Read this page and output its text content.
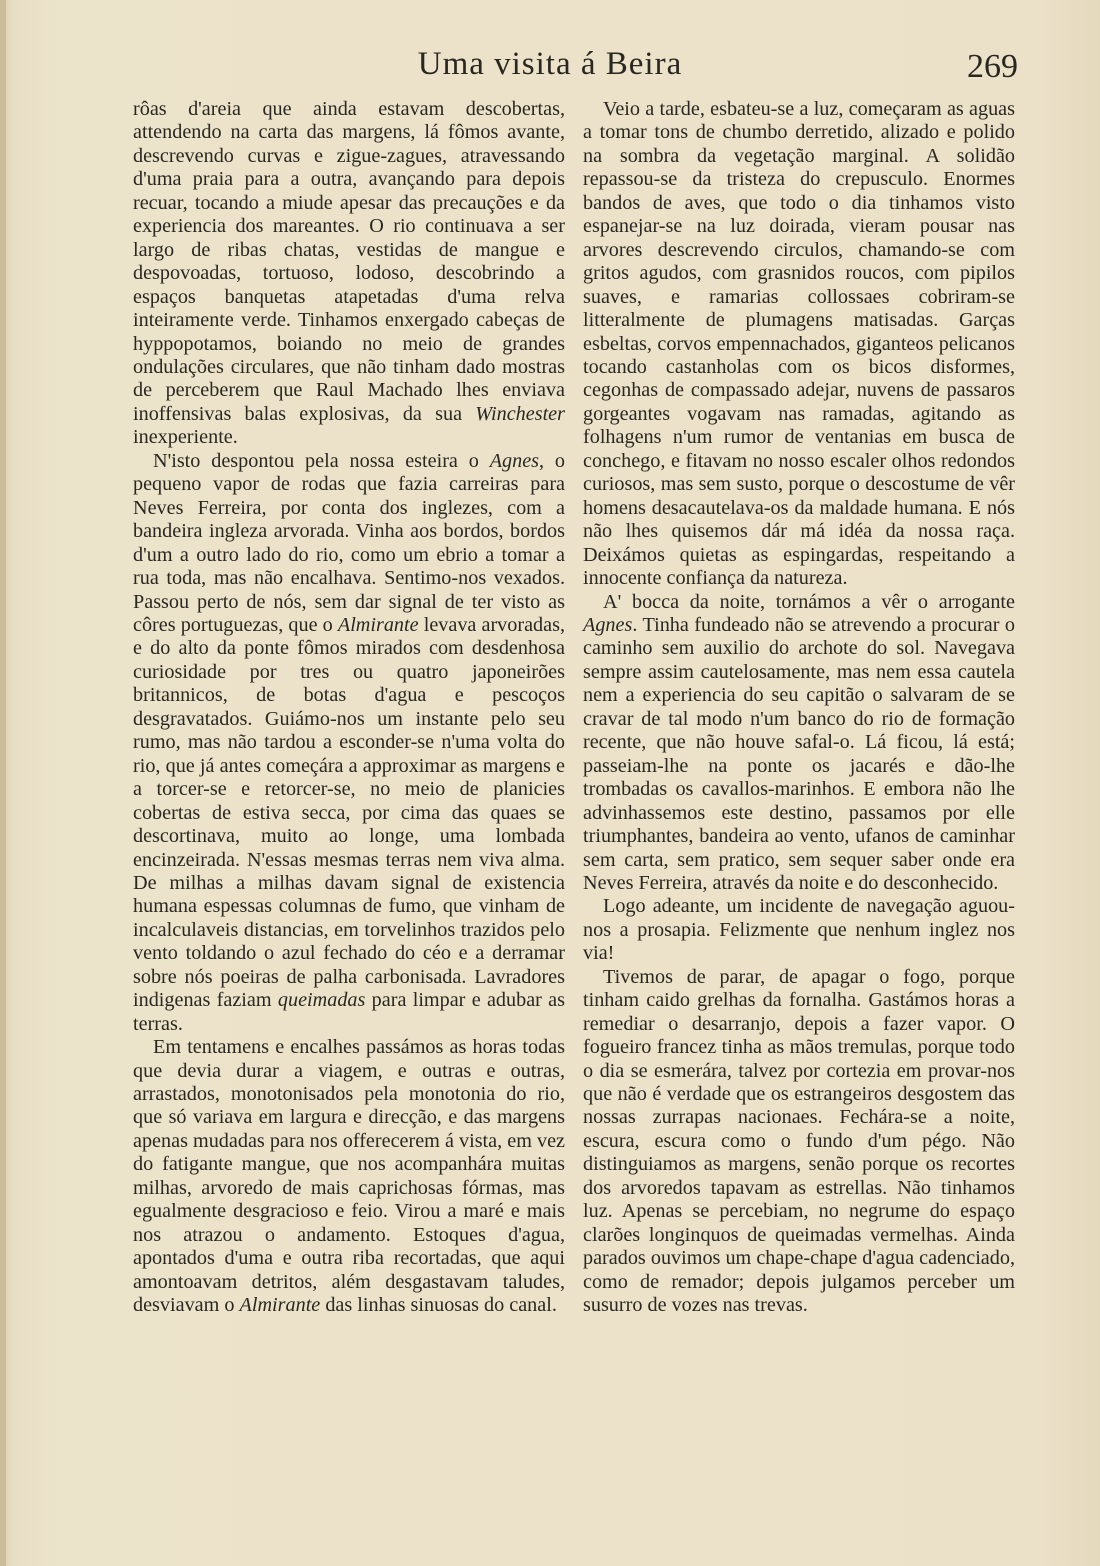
Uma visita á Beira	269

rôas d'areia que ainda estavam descobertas, attendendo na carta das margens, lá fômos avante, descrevendo curvas e zigue-zagues, atravessando d'uma praia para a outra, avançando para depois recuar, tocando a miude apesar das precauções e da experiencia dos mareantes. O rio continuava a ser largo de ribas chatas, vestidas de mangue e despovoadas, tortuoso, lodoso, descobrindo a espaços banquetas atapetadas d'uma relva inteiramente verde. Tinhamos enxergado cabeças de hyppopotamos, boiando no meio de grandes ondulações circulares, que não tinham dado mostras de perceberem que Raul Machado lhes enviava inoffensivas balas explosivas, da sua Winchester inexperiente.

N'isto despontou pela nossa esteira o Agnes, o pequeno vapor de rodas que fazia carreiras para Neves Ferreira, por conta dos inglezes, com a bandeira ingleza arvorada. Vinha aos bordos, bordos d'um a outro lado do rio, como um ebrio a tomar a rua toda, mas não encalhava. Sentimo-nos vexados. Passou perto de nós, sem dar signal de ter visto as côres portuguezas, que o Almirante levava arvoradas, e do alto da ponte fômos mirados com desdenhosa curiosidade por tres ou quatro japoneirões britannicos, de botas d'agua e pescoços desgravatados. Guiámo-nos um instante pelo seu rumo, mas não tardou a esconder-se n'uma volta do rio, que já antes começára a approximar as margens e a torcer-se e retorcer-se, no meio de planicies cobertas de estiva secca, por cima das quaes se descortinava, muito ao longe, uma lombada encinzeirada. N'essas mesmas terras nem viva alma. De milhas a milhas davam signal de existencia humana espessas columnas de fumo, que vinham de incalculaveis distancias, em torvelinhos trazidos pelo vento toldando o azul fechado do céo e a derramar sobre nós poeiras de palha carbonisada. Lavradores indigenas faziam queimadas para limpar e adubar as terras.

Em tentamens e encalhes passámos as horas todas que devia durar a viagem, e outras e outras, arrastados, monotonisados pela monotonia do rio, que só variava em largura e direcção, e das margens apenas mudadas para nos offerecerem á vista, em vez do fatigante mangue, que nos acompanhára muitas milhas, arvoredo de mais caprichosas fórmas, mas egualmente desgracioso e feio. Virou a maré e mais nos atrazou o andamento. Estoques d'agua, apontados d'uma e outra riba recortadas, que aqui amontoavam detritos, além desgastavam taludes, desviavam o Almirante das linhas sinuosas do canal.

Veio a tarde, esbateu-se a luz, começaram as aguas a tomar tons de chumbo derretido, alizado e polido na sombra da vegetação marginal. A solidão repassou-se da tristeza do crepusculo. Enormes bandos de aves, que todo o dia tinhamos visto espanejar-se na luz doirada, vieram pousar nas arvores descrevendo circulos, chamando-se com gritos agudos, com grasnidos roucos, com pipilos suaves, e ramarias collossaes cobriram-se litteralmente de plumagens matisadas. Garças esbeltas, corvos empennachados, giganteos pelicanos tocando castanholas com os bicos disformes, cegonhas de compassado adejar, nuvens de passaros gorgeantes vogavam nas ramadas, agitando as folhagens n'um rumor de ventanias em busca de conchego, e fitavam no nosso escaler olhos redondos curiosos, mas sem susto, porque o descostume de vêr homens desacautelava-os da maldade humana. E nós não lhes quisemos dár má idéa da nossa raça. Deixámos quietas as espingardas, respeitando a innocente confiança da natureza.

A' bocca da noite, tornámos a vêr o arrogante Agnes. Tinha fundeado não se atrevendo a procurar o caminho sem auxilio do archote do sol. Navegava sempre assim cautelosamente, mas nem essa cautela nem a experiencia do seu capitão o salvaram de se cravar de tal modo n'um banco do rio de formação recente, que não houve safal-o. Lá ficou, lá está; passeiam-lhe na ponte os jacarés e dão-lhe trombadas os cavallos-marinhos. E embora não lhe advinhassemos este destino, passamos por elle triumphantes, bandeira ao vento, ufanos de caminhar sem carta, sem pratico, sem sequer saber onde era Neves Ferreira, através da noite e do desconhecido.

Logo adeante, um incidente de navegação aguou-nos a prosapia. Felizmente que nenhum inglez nos via!

Tivemos de parar, de apagar o fogo, porque tinham caido grelhas da fornalha. Gastámos horas a remediar o desarranjo, depois a fazer vapor. O fogueiro francez tinha as mãos tremulas, porque todo o dia se esmerára, talvez por cortezia em provar-nos que não é verdade que os estrangeiros desgostem das nossas zurrapas nacionaes. Fechára-se a noite, escura, escura como o fundo d'um pégo. Não distinguiamos as margens, senão porque os recortes dos arvoredos tapavam as estrellas. Não tinhamos luz. Apenas se percebiam, no negrume do espaço clarões longinquos de queimadas vermelhas. Ainda parados ouvimos um chape-chape d'agua cadenciado, como de remador; depois julgamos perceber um susurro de vozes nas trevas.
